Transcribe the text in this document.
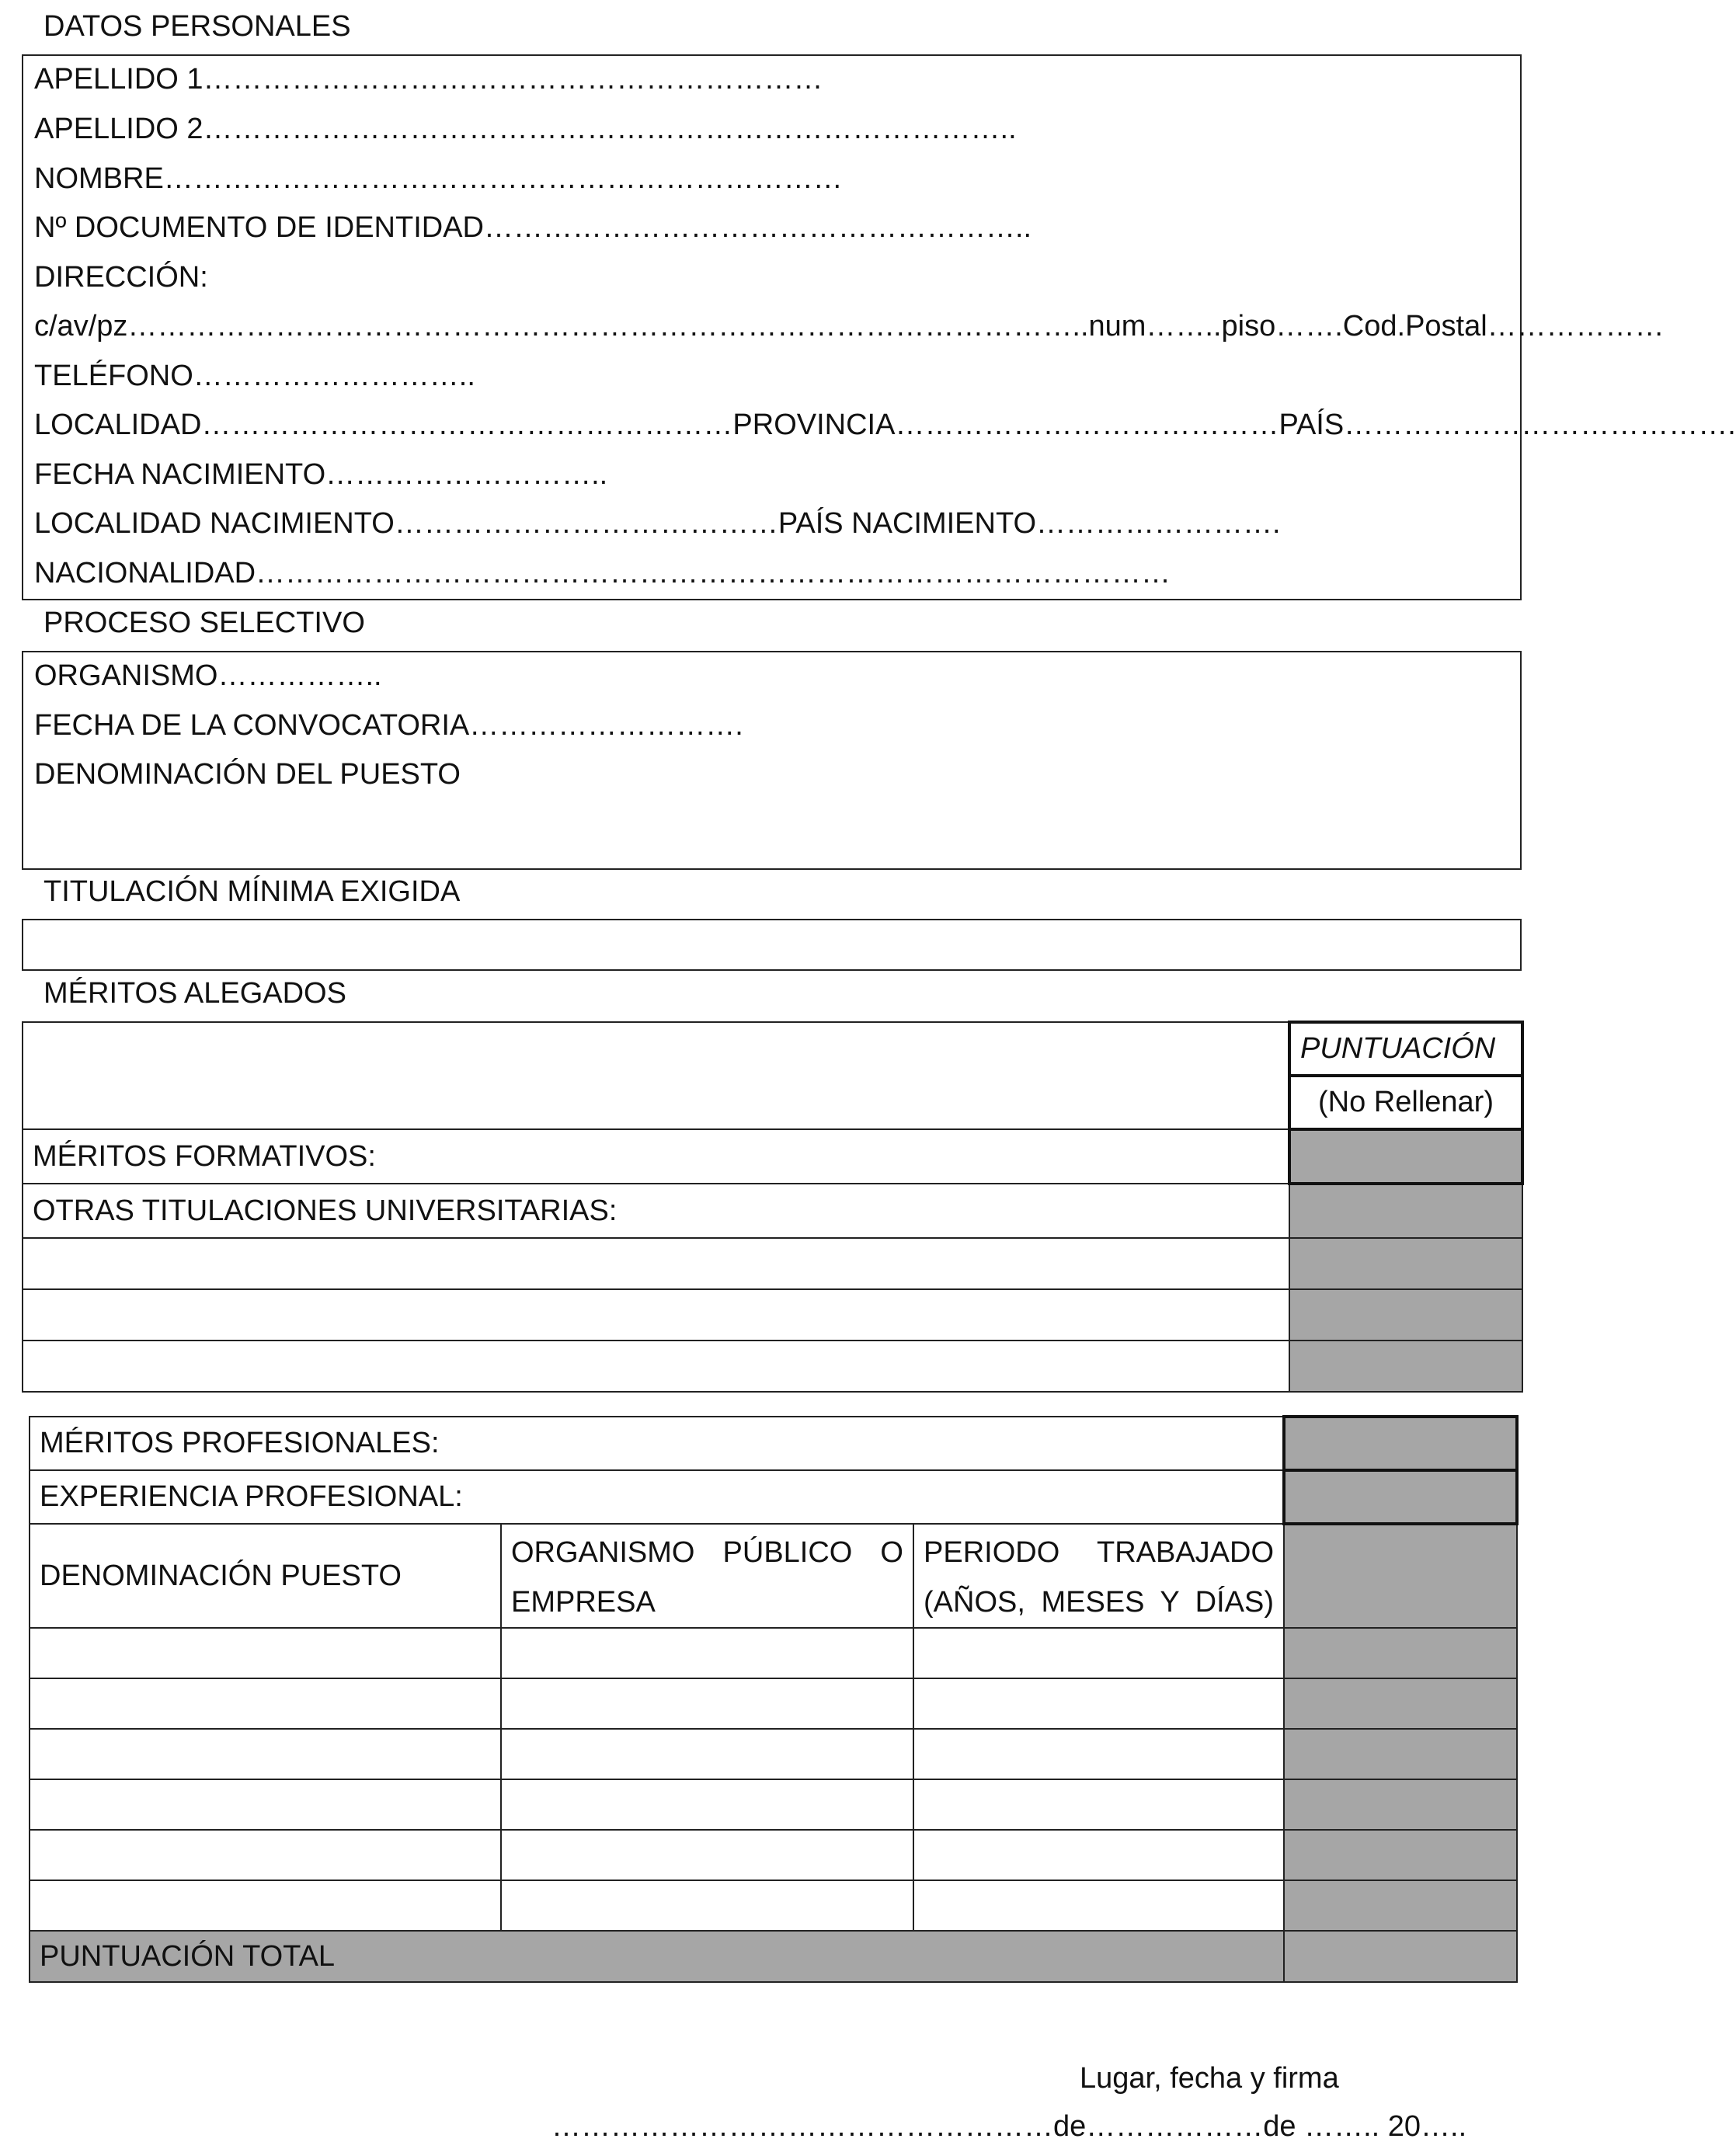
DATOS PERSONALES
APELLIDO 1………………………………………………………
APELLIDO 2………………………………………………………………………..
NOMBRE……………………………………………………………
Nº DOCUMENTO DE IDENTIDAD………………………………………………..
DIRECCIÓN:
c/av/pz……………………………………………………………………………………..num……..piso…….Cod.Postal………………
TELÉFONO………………………..
LOCALIDAD………………………………………………PROVINCIA…………………………………PAÍS………………………………….
FECHA NACIMIENTO………………………..
LOCALIDAD NACIMIENTO…………………………………PAÍS NACIMIENTO…………………….
NACIONALIDAD…………………………………………………………………………………
PROCESO SELECTIVO
ORGANISMO……………..
FECHA DE LA CONVOCATORIA……………………….
DENOMINACIÓN DEL PUESTO
TITULACIÓN MÍNIMA EXIGIDA
MÉRITOS ALEGADOS
	PUNTUACIÓN
	(No Rellenar)
MÉRITOS FORMATIVOS:	
OTRAS TITULACIONES UNIVERSITARIAS:	

MÉRITOS PROFESIONALES:			
EXPERIENCIA PROFESIONAL:			
DENOMINACIÓN PUESTO	ORGANISMO PÚBLICO O EMPRESA	PERIODO TRABAJADO (AÑOS, MESES Y DÍAS)	

PUNTUACIÓN TOTAL			
Lugar, fecha y firma
……………………………………………de………………de …….. 20…..
